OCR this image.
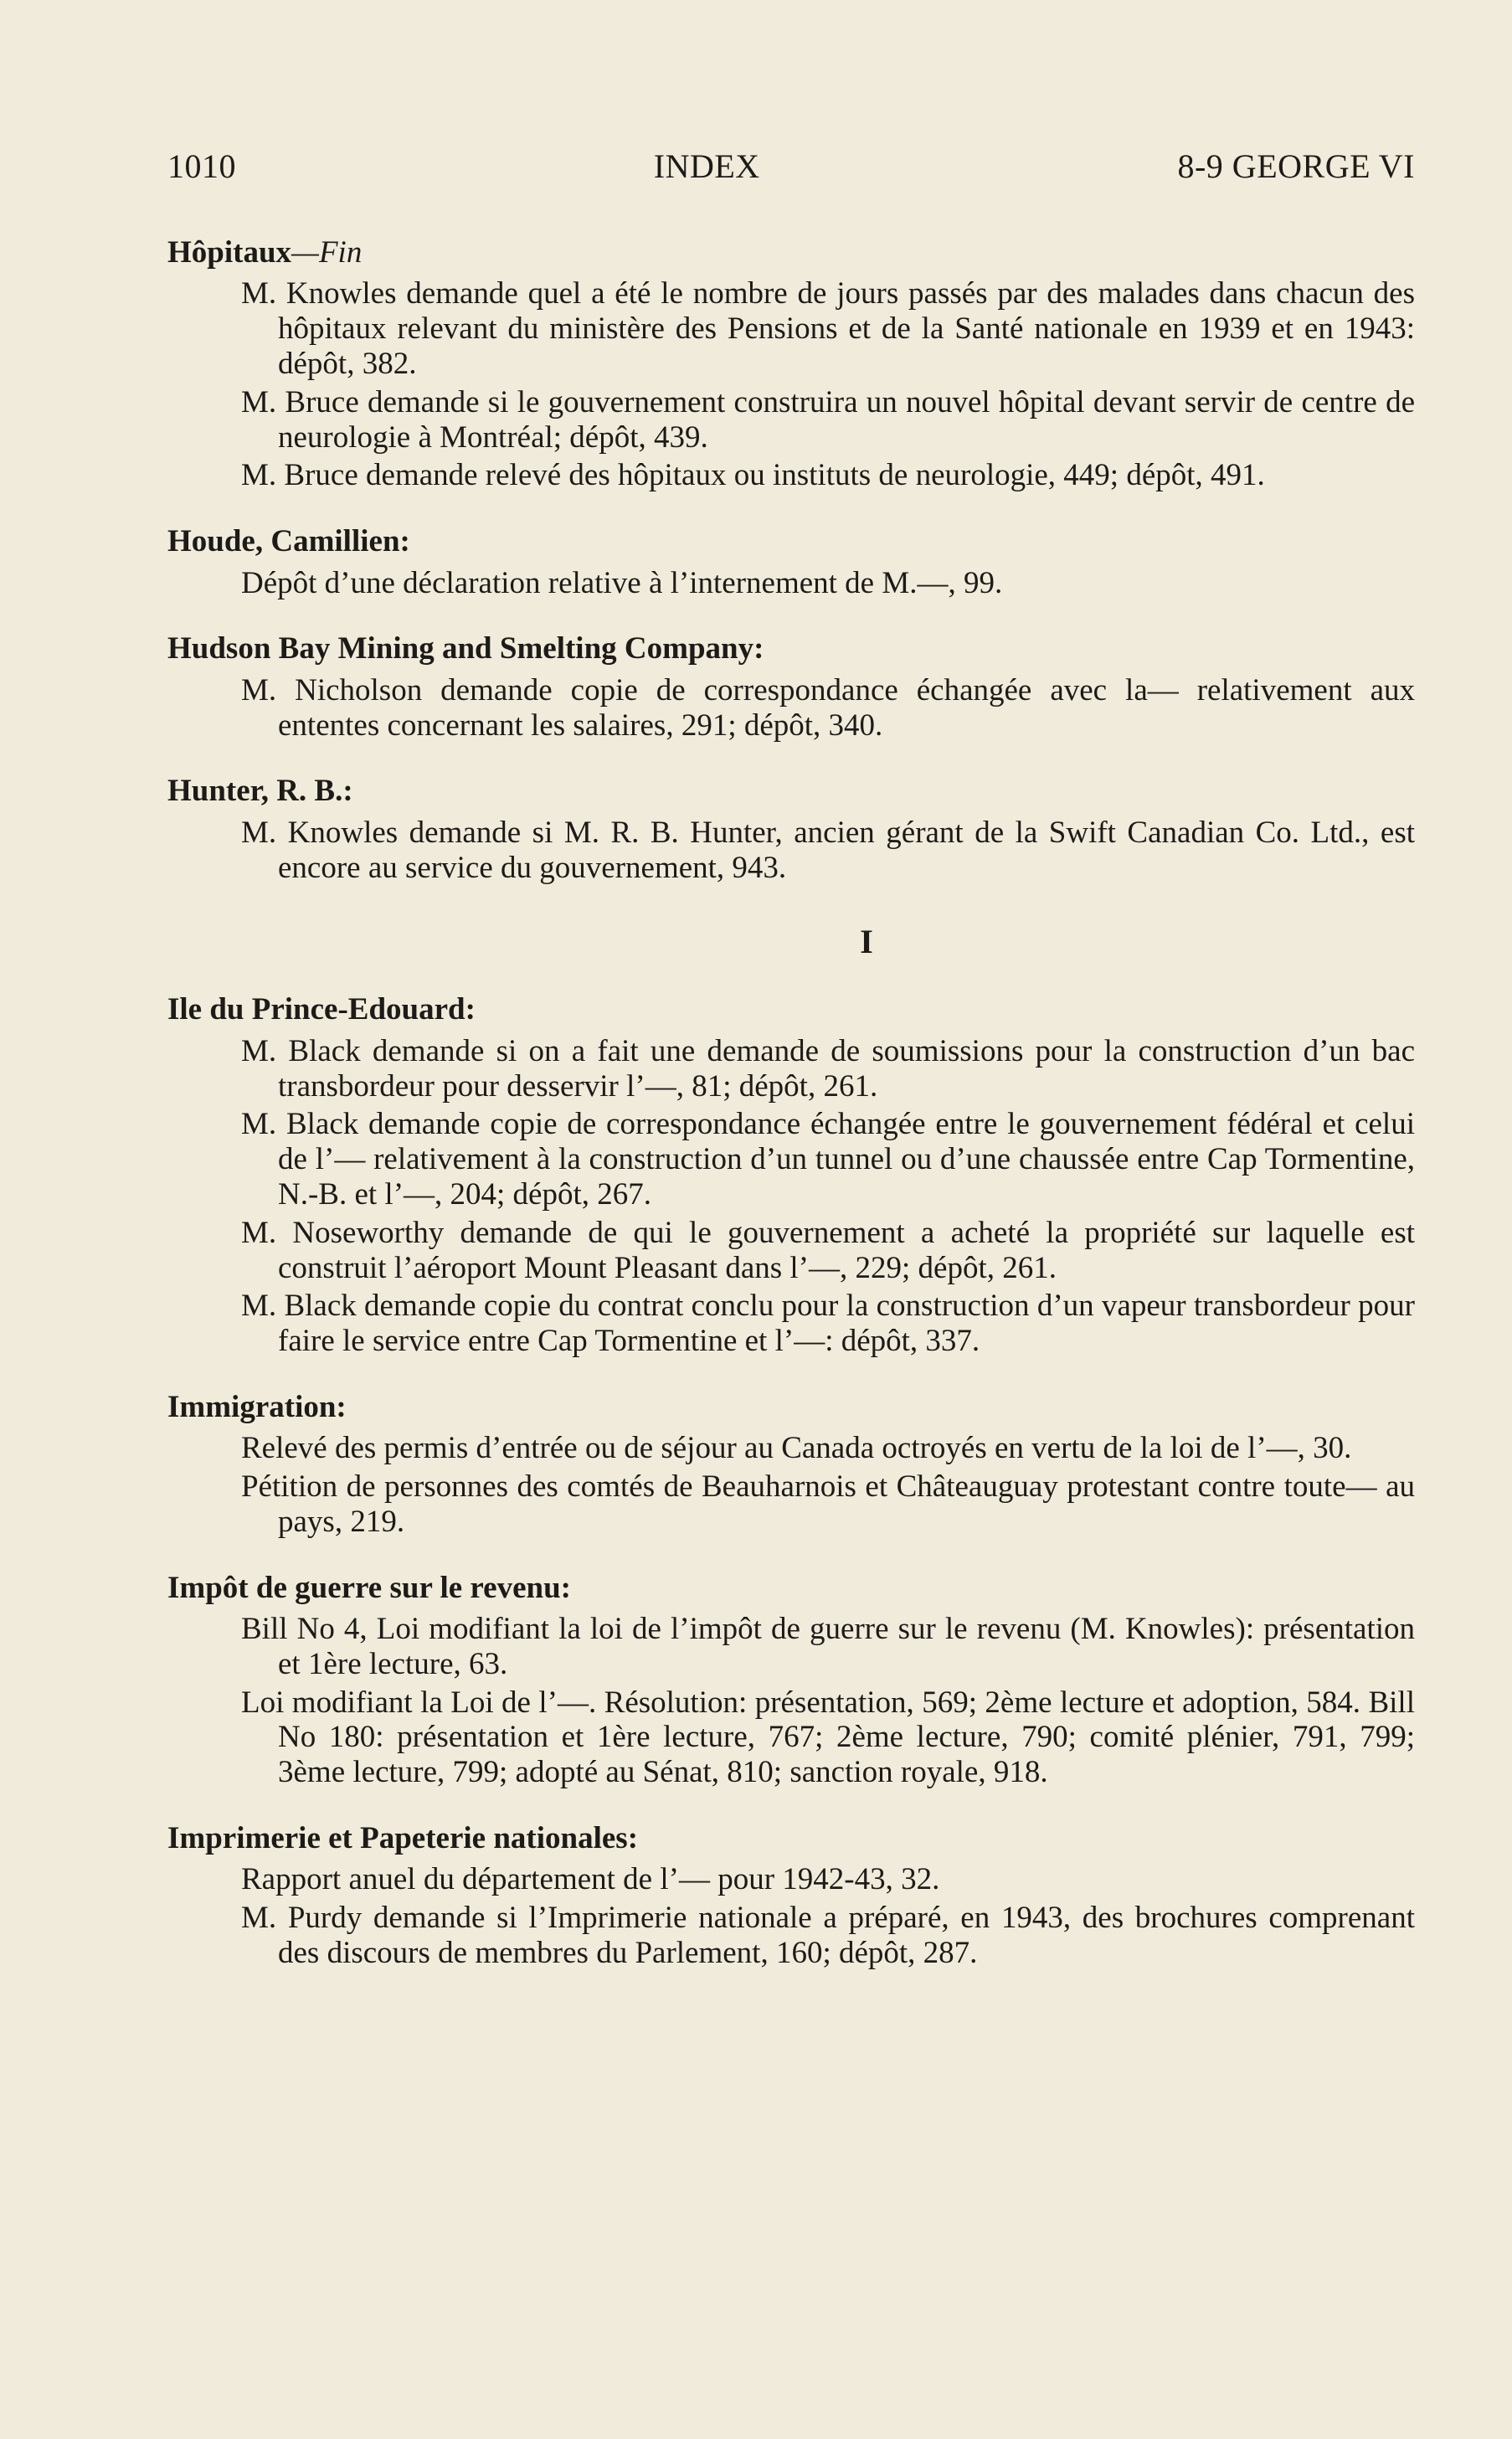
1010	INDEX	8-9 GEORGE VI
Hôpitaux—Fin

M. Knowles demande quel a été le nombre de jours passés par des malades dans chacun des hôpitaux relevant du ministère des Pensions et de la Santé nationale en 1939 et en 1943: dépôt, 382.

M. Bruce demande si le gouvernement construira un nouvel hôpital devant servir de centre de neurologie à Montréal; dépôt, 439.

M. Bruce demande relevé des hôpitaux ou instituts de neurologie, 449; dépôt, 491.

Houde, Camillien:

Dépôt d’une déclaration relative à l’internement de M.—, 99.

Hudson Bay Mining and Smelting Company:

M. Nicholson demande copie de correspondance échangée avec la— relativement aux ententes concernant les salaires, 291; dépôt, 340.

Hunter, R. B.:

M. Knowles demande si M. R. B. Hunter, ancien gérant de la Swift Canadian Co. Ltd., est encore au service du gouvernement, 943.

I
Ile du Prince-Edouard:

M. Black demande si on a fait une demande de soumissions pour la construction d’un bac transbordeur pour desservir l’—, 81; dépôt, 261.

M. Black demande copie de correspondance échangée entre le gouvernement fédéral et celui de l’— relativement à la construction d’un tunnel ou d’une chaussée entre Cap Tormentine, N.-B. et l’—, 204; dépôt, 267.

M. Noseworthy demande de qui le gouvernement a acheté la propriété sur laquelle est construit l’aéroport Mount Pleasant dans l’—, 229; dépôt, 261.

M. Black demande copie du contrat conclu pour la construction d’un vapeur transbordeur pour faire le service entre Cap Tormentine et l’—: dépôt, 337.

Immigration:

Relevé des permis d’entrée ou de séjour au Canada octroyés en vertu de la loi de l’—, 30.

Pétition de personnes des comtés de Beauharnois et Châteauguay protestant contre toute— au pays, 219.

Impôt de guerre sur le revenu:

Bill No 4, Loi modifiant la loi de l’impôt de guerre sur le revenu (M. Knowles): présentation et 1ère lecture, 63.

Loi modifiant la Loi de l’—. Résolution: présentation, 569; 2ème lecture et adoption, 584. Bill No 180: présentation et 1ère lecture, 767; 2ème lecture, 790; comité plénier, 791, 799; 3ème lecture, 799; adopté au Sénat, 810; sanction royale, 918.

Imprimerie et Papeterie nationales:

Rapport anuel du département de l’— pour 1942-43, 32.

M. Purdy demande si l’Imprimerie nationale a préparé, en 1943, des brochures comprenant des discours de membres du Parlement, 160; dépôt, 287.
